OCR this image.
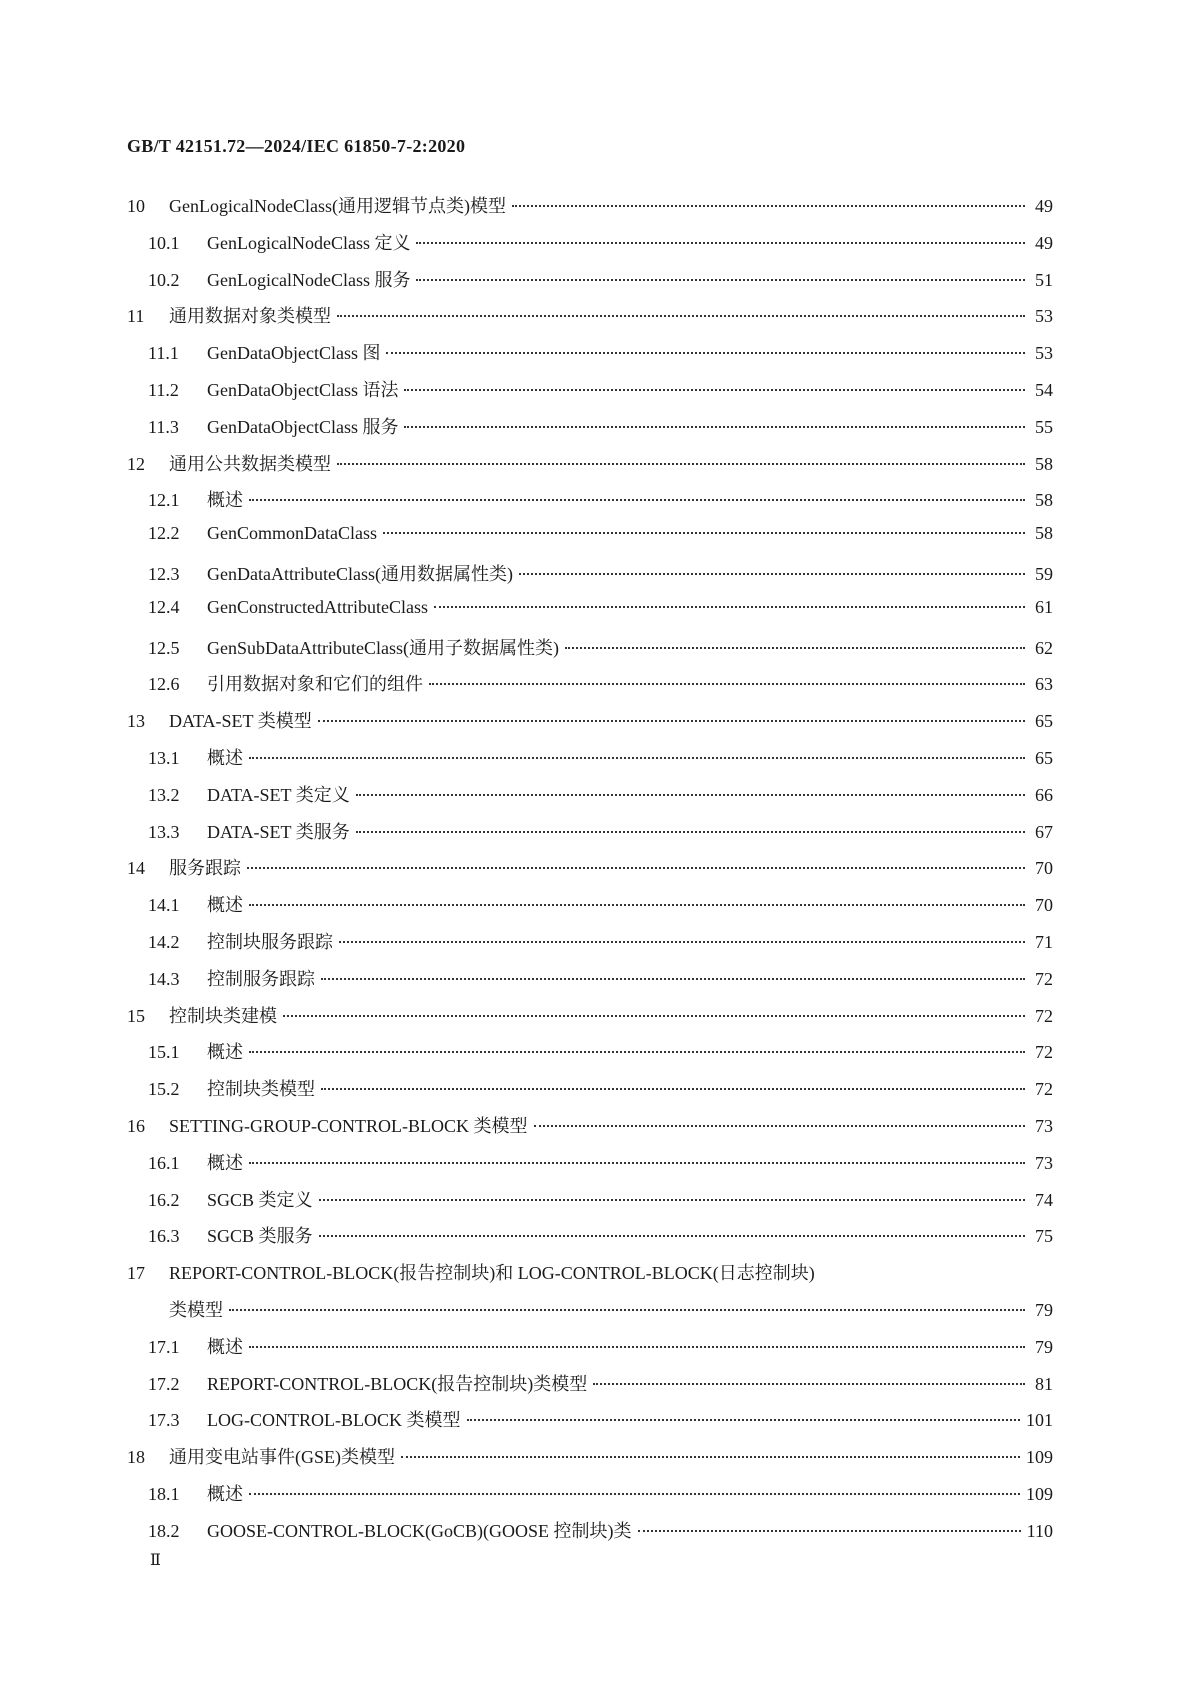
GB/T 42151.72—2024/IEC 61850-7-2:2020
10	GenLogicalNodeClass(通用逻辑节点类)模型	49
10.1	GenLogicalNodeClass 定义	49
10.2	GenLogicalNodeClass 服务	51
11	通用数据对象类模型	53
11.1	GenDataObjectClass 图	53
11.2	GenDataObjectClass 语法	54
11.3	GenDataObjectClass 服务	55
12	通用公共数据类模型	58
12.1	概述	58
12.2	GenCommonDataClass	58
12.3	GenDataAttributeClass(通用数据属性类)	59
12.4	GenConstructedAttributeClass	61
12.5	GenSubDataAttributeClass(通用子数据属性类)	62
12.6	引用数据对象和它们的组件	63
13	DATA-SET 类模型	65
13.1	概述	65
13.2	DATA-SET 类定义	66
13.3	DATA-SET 类服务	67
14	服务跟踪	70
14.1	概述	70
14.2	控制块服务跟踪	71
14.3	控制服务跟踪	72
15	控制块类建模	72
15.1	概述	72
15.2	控制块类模型	72
16	SETTING-GROUP-CONTROL-BLOCK 类模型	73
16.1	概述	73
16.2	SGCB 类定义	74
16.3	SGCB 类服务	75
17	REPORT-CONTROL-BLOCK(报告控制块)和 LOG-CONTROL-BLOCK(日志控制块)
类模型	79
17.1	概述	79
17.2	REPORT-CONTROL-BLOCK(报告控制块)类模型	81
17.3	LOG-CONTROL-BLOCK 类模型	101
18	通用变电站事件(GSE)类模型	109
18.1	概述	109
18.2	GOOSE-CONTROL-BLOCK(GoCB)(GOOSE 控制块)类	110
Ⅱ
